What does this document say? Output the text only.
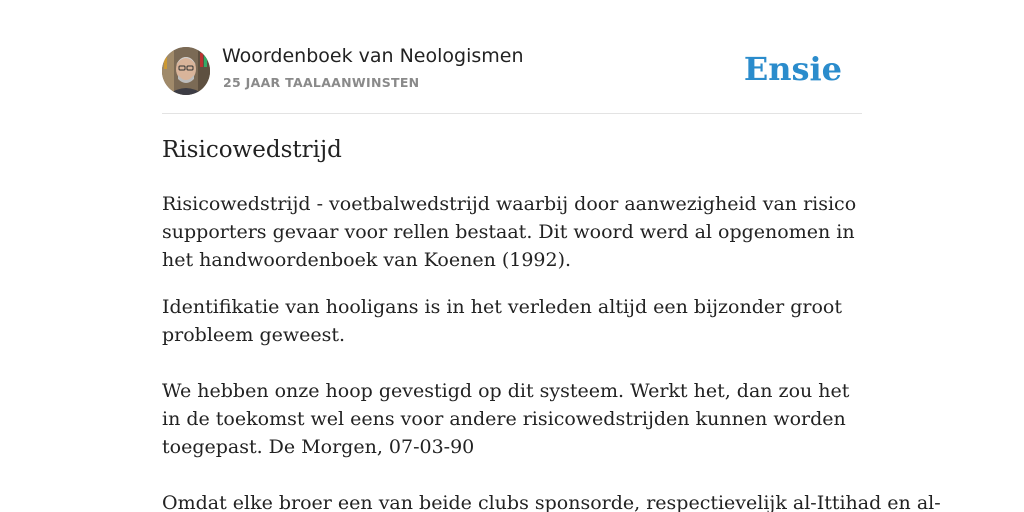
Woordenboek van Neologismen
25 JAAR TAALAANWINSTEN	Ensie
Risicowedstrijd

Risicowedstrijd - voetbalwedstrijd waarbij door aanwezigheid van risicosupporters gevaar voor rellen bestaat. Dit woord werd al opgenomen in het handwoordenboek van Koenen (1992).

Identifikatie van hooligans is in het verleden altijd een bijzonder groot probleem geweest.

We hebben onze hoop gevestigd op dit systeem. Werkt het, dan zou het in de toekomst wel eens voor andere risicowedstrijden kunnen worden toegepast. De Morgen, 07-03-90

Omdat elke broer een van beide clubs sponsorde, respectievelijk al-Ittihad en al-
